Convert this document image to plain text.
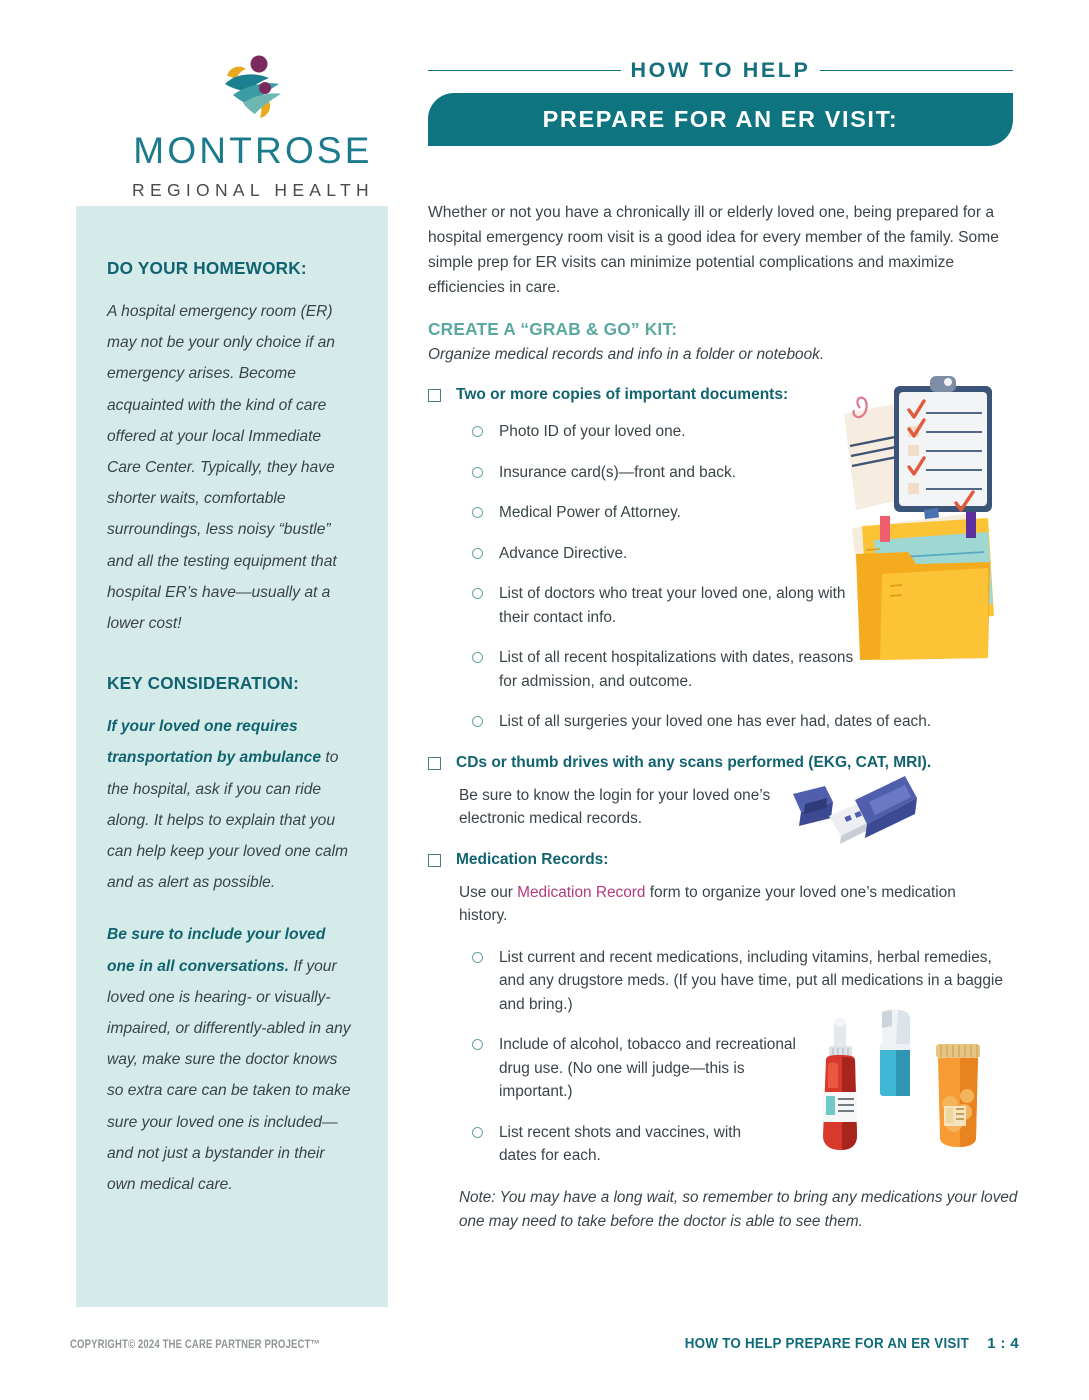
MONTROSE
REGIONAL HEALTH
HOW TO HELP
PREPARE FOR AN ER VISIT:
DO YOUR HOMEWORK:

A hospital emergency room (ER) may not be your only choice if an emergency arises. Become acquainted with the kind of care offered at your local Immediate Care Center. Typically, they have shorter waits, comfortable surroundings, less noisy “bustle” and all the testing equipment that hospital ER’s have—usually at a lower cost!

KEY CONSIDERATION:

If your loved one requires transportation by ambulance to the hospital, ask if you can ride along. It helps to explain that you can help keep your loved one calm and as alert as possible.

Be sure to include your loved one in all conversations. If your loved one is hearing- or visually-impaired, or differently-abled in any way, make sure the doctor knows so extra care can be taken to make sure your loved one is included—and not just a bystander in their own medical care.

Whether or not you have a chronically ill or elderly loved one, being prepared for a hospital emergency room visit is a good idea for every member of the family. Some simple prep for ER visits can minimize potential complications and maximize efficiencies in care.

CREATE A “GRAB & GO” KIT:
Organize medical records and info in a folder or notebook.
Two or more copies of important documents:
Photo ID of your loved one.
Insurance card(s)—front and back.
Medical Power of Attorney.
Advance Directive.
List of doctors who treat your loved one, along with their contact info.
List of all recent hospitalizations with dates, reasons for admission, and outcome.
List of all surgeries your loved one has ever had, dates of each.
CDs or thumb drives with any scans performed (EKG, CAT, MRI).
Be sure to know the login for your loved one’s electronic medical records.
Medication Records:
Use our Medication Record form to organize your loved one’s medication history.
List current and recent medications, including vitamins, herbal remedies, and any drugstore meds. (If you have time, put all medications in a baggie and bring.)
Include of alcohol, tobacco and recreational drug use. (No one will judge—this is important.)
List recent shots and vaccines, with dates for each.
Note: You may have a long wait, so remember to bring any medications your loved one may need to take before the doctor is able to see them.
COPYRIGHT© 2024 THE CARE PARTNER PROJECT™	HOW TO HELP PREPARE FOR AN ER VISIT 1 : 4
